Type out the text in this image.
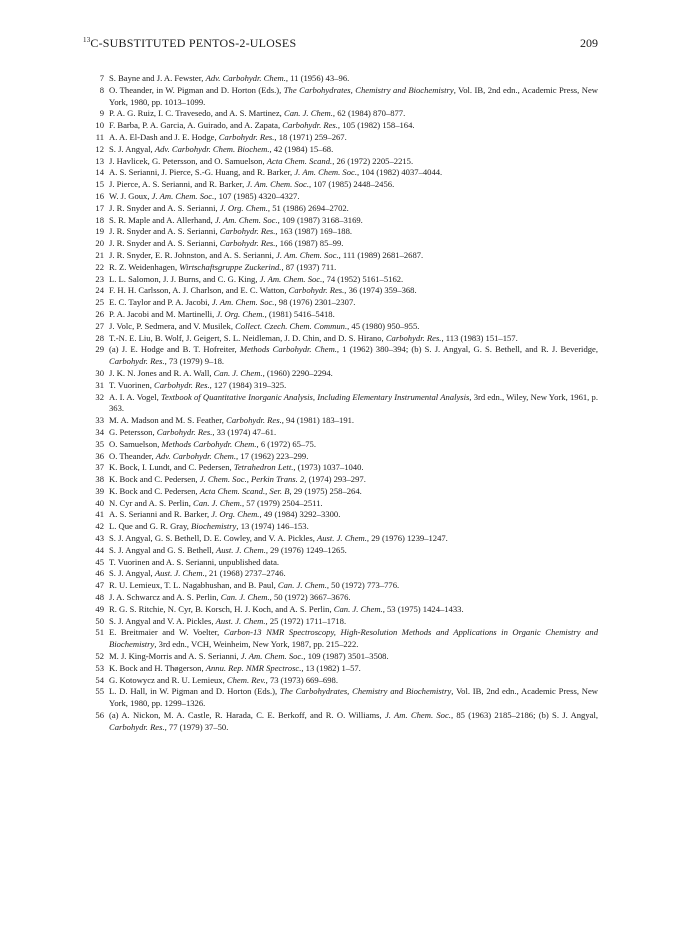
$^{13}$C-SUBSTITUTED PENTOS-2-ULOSES	209
7 S. Bayne and J. A. Fewster, Adv. Carbohydr. Chem., 11 (1956) 43–96.
8 O. Theander, in W. Pigman and D. Horton (Eds.), The Carbohydrates, Chemistry and Biochemistry, Vol. IB, 2nd edn., Academic Press, New York, 1980, pp. 1013–1099.
9 P. A. G. Ruiz, I. C. Travesedo, and A. S. Martinez, Can. J. Chem., 62 (1984) 870–877.
10 F. Barba, P. A. Garcia, A. Guirado, and A. Zapata, Carbohydr. Res., 105 (1982) 158–164.
11 A. A. El-Dash and J. E. Hodge, Carbohydr. Res., 18 (1971) 259–267.
12 S. J. Angyal, Adv. Carbohydr. Chem. Biochem., 42 (1984) 15–68.
13 J. Havlicek, G. Petersson, and O. Samuelson, Acta Chem. Scand., 26 (1972) 2205–2215.
14 A. S. Serianni, J. Pierce, S.-G. Huang, and R. Barker, J. Am. Chem. Soc., 104 (1982) 4037–4044.
15 J. Pierce, A. S. Serianni, and R. Barker, J. Am. Chem. Soc., 107 (1985) 2448–2456.
16 W. J. Goux, J. Am. Chem. Soc., 107 (1985) 4320–4327.
17 J. R. Snyder and A. S. Serianni, J. Org. Chem., 51 (1986) 2694–2702.
18 S. R. Maple and A. Allerhand, J. Am. Chem. Soc., 109 (1987) 3168–3169.
19 J. R. Snyder and A. S. Serianni, Carbohydr. Res., 163 (1987) 169–188.
20 J. R. Snyder and A. S. Serianni, Carbohydr. Res., 166 (1987) 85–99.
21 J. R. Snyder, E. R. Johnston, and A. S. Serianni, J. Am. Chem. Soc., 111 (1989) 2681–2687.
22 R. Z. Weidenhagen, Wirtschaftsgruppe Zuckerind., 87 (1937) 711.
23 L. L. Salomon, J. J. Burns, and C. G. King, J. Am. Chem. Soc., 74 (1952) 5161–5162.
24 F. H. H. Carlsson, A. J. Charlson, and E. C. Watton, Carbohydr. Res., 36 (1974) 359–368.
25 E. C. Taylor and P. A. Jacobi, J. Am. Chem. Soc., 98 (1976) 2301–2307.
26 P. A. Jacobi and M. Martinelli, J. Org. Chem., (1981) 5416–5418.
27 J. Volc, P. Sedmera, and V. Musilek, Collect. Czech. Chem. Commun., 45 (1980) 950–955.
28 T.-N. E. Liu, B. Wolf, J. Geigert, S. L. Neidleman, J. D. Chin, and D. S. Hirano, Carbohydr. Res., 113 (1983) 151–157.
29 (a) J. E. Hodge and B. T. Hofreiter, Methods Carbohydr. Chem., 1 (1962) 380–394; (b) S. J. Angyal, G. S. Bethell, and R. J. Beveridge, Carbohydr. Res., 73 (1979) 9–18.
30 J. K. N. Jones and R. A. Wall, Can. J. Chem., (1960) 2290–2294.
31 T. Vuorinen, Carbohydr. Res., 127 (1984) 319–325.
32 A. I. A. Vogel, Textbook of Quantitative Inorganic Analysis, Including Elementary Instrumental Analysis, 3rd edn., Wiley, New York, 1961, p. 363.
33 M. A. Madson and M. S. Feather, Carbohydr. Res., 94 (1981) 183–191.
34 G. Petersson, Carbohydr. Res., 33 (1974) 47–61.
35 O. Samuelson, Methods Carbohydr. Chem., 6 (1972) 65–75.
36 O. Theander, Adv. Carbohydr. Chem., 17 (1962) 223–299.
37 K. Bock, I. Lundt, and C. Pedersen, Tetrahedron Lett., (1973) 1037–1040.
38 K. Bock and C. Pedersen, J. Chem. Soc., Perkin Trans. 2, (1974) 293–297.
39 K. Bock and C. Pedersen, Acta Chem. Scand., Ser. B, 29 (1975) 258–264.
40 N. Cyr and A. S. Perlin, Can. J. Chem., 57 (1979) 2504–2511.
41 A. S. Serianni and R. Barker, J. Org. Chem., 49 (1984) 3292–3300.
42 L. Que and G. R. Gray, Biochemistry, 13 (1974) 146–153.
43 S. J. Angyal, G. S. Bethell, D. E. Cowley, and V. A. Pickles, Aust. J. Chem., 29 (1976) 1239–1247.
44 S. J. Angyal and G. S. Bethell, Aust. J. Chem., 29 (1976) 1249–1265.
45 T. Vuorinen and A. S. Serianni, unpublished data.
46 S. J. Angyal, Aust. J. Chem., 21 (1968) 2737–2746.
47 R. U. Lemieux, T. L. Nagabhushan, and B. Paul, Can. J. Chem., 50 (1972) 773–776.
48 J. A. Schwarcz and A. S. Perlin, Can. J. Chem., 50 (1972) 3667–3676.
49 R. G. S. Ritchie, N. Cyr, B. Korsch, H. J. Koch, and A. S. Perlin, Can. J. Chem., 53 (1975) 1424–1433.
50 S. J. Angyal and V. A. Pickles, Aust. J. Chem., 25 (1972) 1711–1718.
51 E. Breitmaier and W. Voelter, Carbon-13 NMR Spectroscopy, High-Resolution Methods and Applications in Organic Chemistry and Biochemistry, 3rd edn., VCH, Weinheim, New York, 1987, pp. 215–222.
52 M. J. King-Morris and A. S. Serianni, J. Am. Chem. Soc., 109 (1987) 3501–3508.
53 K. Bock and H. Thøgerson, Annu. Rep. NMR Spectrosc., 13 (1982) 1–57.
54 G. Kotowycz and R. U. Lemieux, Chem. Rev., 73 (1973) 669–698.
55 L. D. Hall, in W. Pigman and D. Horton (Eds.), The Carbohydrates, Chemistry and Biochemistry, Vol. IB, 2nd edn., Academic Press, New York, 1980, pp. 1299–1326.
56 (a) A. Nickon, M. A. Castle, R. Harada, C. E. Berkoff, and R. O. Williams, J. Am. Chem. Soc., 85 (1963) 2185–2186; (b) S. J. Angyal, Carbohydr. Res., 77 (1979) 37–50.
